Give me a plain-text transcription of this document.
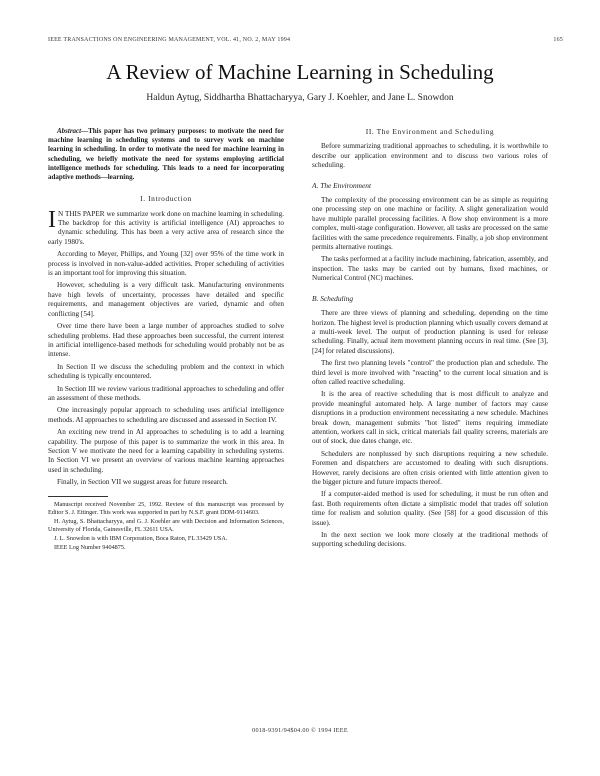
IEEE TRANSACTIONS ON ENGINEERING MANAGEMENT, VOL. 41, NO. 2, MAY 1994	165
A Review of Machine Learning in Scheduling
Haldun Aytug, Siddhartha Bhattacharyya, Gary J. Koehler, and Jane L. Snowdon

Abstract—This paper has two primary purposes: to motivate the need for machine learning in scheduling systems and to survey work on machine learning in scheduling. In order to motivate the need for machine learning in scheduling, we briefly motivate the need for systems employing artificial intelligence methods for scheduling. This leads to a need for incorporating adaptive methods—learning.

I. Introduction

I N THIS PAPER we summarize work done on machine learning in scheduling. The backdrop for this activity is artificial intelligence (AI) approaches to dynamic scheduling. This has been a very active area of research since the early 1980's.

According to Meyer, Phillips, and Young [32] over 95% of the time work in process is involved in non-value-added activities. Proper scheduling of activities is an important tool for improving this situation.

However, scheduling is a very difficult task. Manufacturing environments have high levels of uncertainty, processes have detailed and specific requirements, and management objectives are varied, dynamic and often conflicting [54].

Over time there have been a large number of approaches studied to solve scheduling problems. Had these approaches been successful, the current interest in artificial intelligence-based methods for scheduling would probably not be as intense.

In Section II we discuss the scheduling problem and the context in which scheduling is typically encountered.

In Section III we review various traditional approaches to scheduling and offer an assessment of these methods.

One increasingly popular approach to scheduling uses artificial intelligence methods. AI approaches to scheduling are discussed and assessed in Section IV.

An exciting new trend in AI approaches to scheduling is to add a learning capability. The purpose of this paper is to summarize the work in this area. In Section V we motivate the need for a learning capability in scheduling systems. In Section VI we present an overview of various machine learning approaches used in scheduling.

Finally, in Section VII we suggest areas for future research.

Manuscript received November 25, 1992. Review of this manuscript was processed by Editor S. J. Ettinger. This work was supported in part by N.S.F. grant DDM-9114603.

H. Aytug, S. Bhattacharyya, and G. J. Koehler are with Decision and Information Sciences, University of Florida, Gainesville, FL 32611 USA.

J. L. Snowdon is with IBM Corporation, Boca Raton, FL 33429 USA.

IEEE Log Number 9404875.

II. The Environment and Scheduling

Before summarizing traditional approaches to scheduling, it is worthwhile to describe our application environment and to discuss two various roles of scheduling.

A. The Environment

The complexity of the processing environment can be as simple as requiring one processing step on one machine or facility. A slight generalization would have multiple parallel processing facilities. A flow shop environment is a more complex, multi-stage configuration. However, all tasks are processed on the same facilities with the same precedence requirements. Finally, a job shop environment permits alternative routings.

The tasks performed at a facility include machining, fabrication, assembly, and inspection. The tasks may be carried out by humans, fixed machines, or Numerical Control (NC) machines.

B. Scheduling

There are three views of planning and scheduling, depending on the time horizon. The highest level is production planning which usually covers demand at a multi-week level. The output of production planning is used for release scheduling. Finally, actual item movement planning occurs in real time. (See [3], [24] for related discussions).

The first two planning levels "control" the production plan and schedule. The third level is more involved with "reacting" to the current local situation and is often called reactive scheduling.

It is the area of reactive scheduling that is most difficult to analyze and provide meaningful automated help. A large number of factors may cause disruptions in a production environment necessitating a new schedule. Machines break down, management submits "hot listed" items requiring immediate attention, workers call in sick, critical materials fail quality screens, materials are out of stock, due dates change, etc.

Schedulers are nonplussed by such disruptions requiring a new schedule. Foremen and dispatchers are accustomed to dealing with such disruptions. However, rarely decisions are often crisis oriented with little attention given to the bigger picture and future impacts thereof.

If a computer-aided method is used for scheduling, it must be run often and fast. Both requirements often dictate a simplistic model that trades off solution time for realism and solution quality. (See [58] for a good discussion of this issue).

In the next section we look more closely at the traditional methods of supporting scheduling decisions.

0018-9391/94$04.00 © 1994 IEEE
